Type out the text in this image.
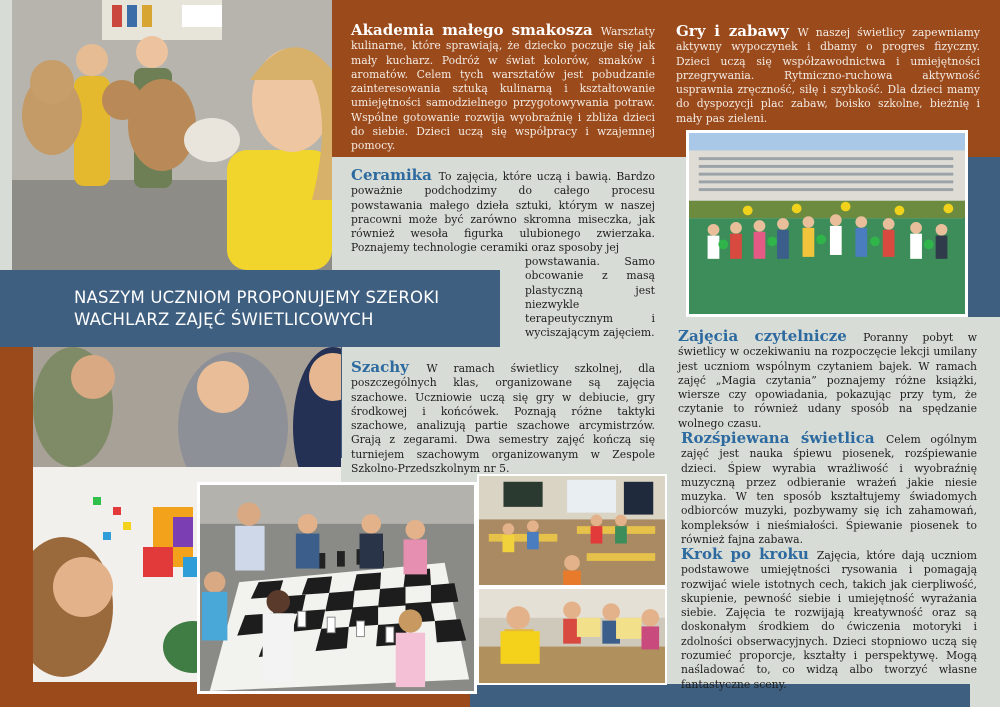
NASZYM UCZNIOM PROPONUJEMY SZEROKI
WACHLARZ ZAJĘĆ ŚWIETLICOWYCH
Akademia małego smakosza Warsztaty kulinarne, które sprawiają, że dziecko poczuje się jak mały kucharz. Podróż w świat kolorów, smaków i aromatów. Celem tych warsztatów jest pobudzanie zainteresowania sztuką kulinarną i kształtowanie umiejętności samodzielnego przygotowywania potraw. Wspólne gotowanie rozwija wyobraźnię i zbliża dzieci do siebie. Dzieci uczą się współpracy i wzajemnej pomocy.
Gry i zabawy W naszej świetlicy zapewniamy aktywny wypoczynek i dbamy o progres fizyczny. Dzieci uczą się współzawodnictwa i umiejętności przegrywania. Rytmiczno-ruchowa aktywność usprawnia zręczność, siłę i szybkość. Dla dzieci mamy do dyspozycji plac zabaw, boisko szkolne, bieżnię i mały pas zieleni.
Ceramika To zajęcia, które uczą i bawią. Bardzo poważnie podchodzimy do całego procesu powstawania małego dzieła sztuki, którym w naszej pracowni może być zarówno skromna miseczka, jak również wesoła figurka ulubionego zwierzaka. Poznajemy technologie ceramiki oraz sposoby jej
powstawania. Samo obcowanie z masą plastyczną jest niezwykle terapeutycznym i wyciszającym zajęciem. Zajęcia czytelnicze Poranny pobyt w świetlicy w oczekiwaniu na rozpoczęcie lekcji umilany jest uczniom wspólnym czytaniem bajek. W ramach zajęć „Magia czytania” poznajemy różne książki, wiersze czy opowiadania, pokazując przy tym, że czytanie to również udany sposób na spędzanie wolnego czasu.
Szachy W ramach świetlicy szkolnej, dla poszczególnych klas, organizowane są zajęcia szachowe. Uczniowie uczą się gry w debiucie, gry środkowej i końcówek. Poznają różne taktyki szachowe, analizują partie szachowe arcymistrzów. Grają z zegarami. Dwa semestry zajęć kończą się turniejem szachowym organizowanym w Zespole Szkolno-Przedszkolnym nr 5.
Rozśpiewana świetlica Celem ogólnym zajęć jest nauka śpiewu piosenek, rozśpiewanie dzieci. Śpiew wyrabia wrażliwość i wyobraźnię muzyczną przez odbieranie wrażeń jakie niesie muzyka. W ten sposób kształtujemy świadomych odbiorców muzyki, pozbywamy się ich zahamowań, kompleksów i nieśmiałości. Śpiewanie piosenek to również fajna zabawa.
Krok po kroku Zajęcia, które dają uczniom podstawowe umiejętności rysowania i pomagają rozwijać wiele istotnych cech, takich jak cierpliwość, skupienie, pewność siebie i umiejętność wyrażania siebie. Zajęcia te rozwijają kreatywność oraz są doskonałym środkiem do ćwiczenia motoryki i zdolności obserwacyjnych. Dzieci stopniowo uczą się rozumieć proporcje, kształty i perspektywę. Mogą naśladować to, co widzą albo tworzyć własne fantastyczne sceny.
